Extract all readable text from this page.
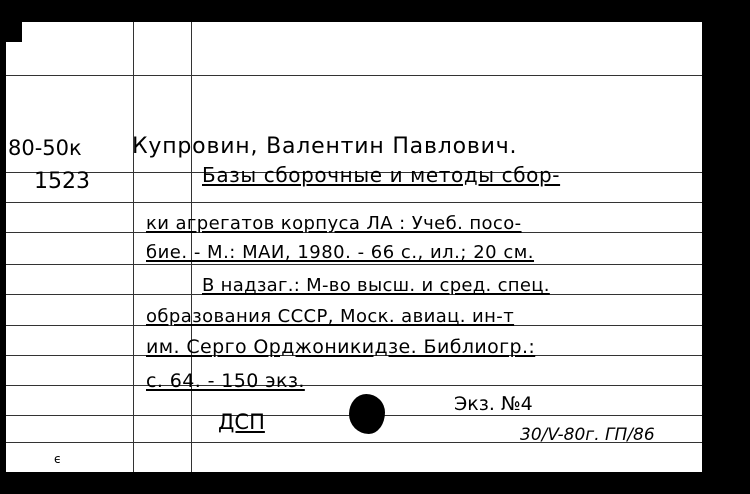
80-50к
1523
Купровин, Валентин Павлович.
Базы сборочные и методы сбор-
ки агрегатов корпуса ЛА : Учеб. посо-
бие. - М.: МАИ, 1980. - 66 с., ил.; 20 см.
В надзаг.: М-во высш. и сред. спец.
образования СССР, Моск. авиац. ин-т
им. Серго Орджоникидзе. Библиогр.:
с. 64. - 150 экз.
ДСП
Экз. №4
30/V-80г. ГП/86
ϵ
